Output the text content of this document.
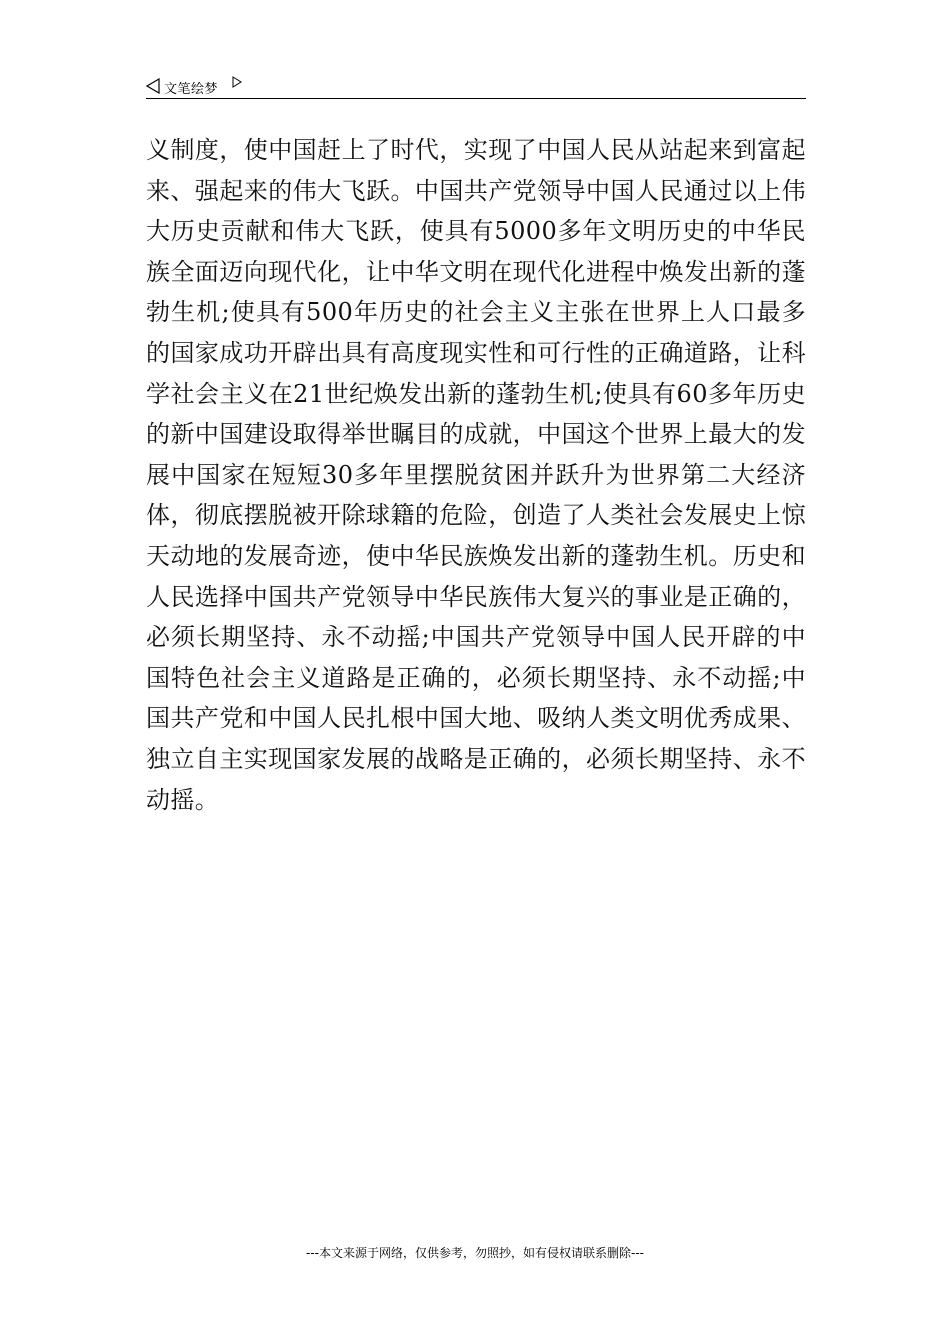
文笔绘梦

义制度，使中国赶上了时代，实现了中国人民从站起来到富起来、强起来的伟大飞跃。中国共产党领导中国人民通过以上伟大历史贡献和伟大飞跃，使具有5000多年文明历史的中华民族全面迈向现代化，让中华文明在现代化进程中焕发出新的蓬勃生机;使具有500年历史的社会主义主张在世界上人口最多的国家成功开辟出具有高度现实性和可行性的正确道路，让科学社会主义在21世纪焕发出新的蓬勃生机;使具有60多年历史的新中国建设取得举世瞩目的成就，中国这个世界上最大的发展中国家在短短30多年里摆脱贫困并跃升为世界第二大经济体，彻底摆脱被开除球籍的危险，创造了人类社会发展史上惊天动地的发展奇迹，使中华民族焕发出新的蓬勃生机。历史和人民选择中国共产党领导中华民族伟大复兴的事业是正确的，必须长期坚持、永不动摇;中国共产党领导中国人民开辟的中国特色社会主义道路是正确的，必须长期坚持、永不动摇;中国共产党和中国人民扎根中国大地、吸纳人类文明优秀成果、独立自主实现国家发展的战略是正确的，必须长期坚持、永不动摇。

---本文来源于网络，仅供参考，勿照抄，如有侵权请联系删除---
